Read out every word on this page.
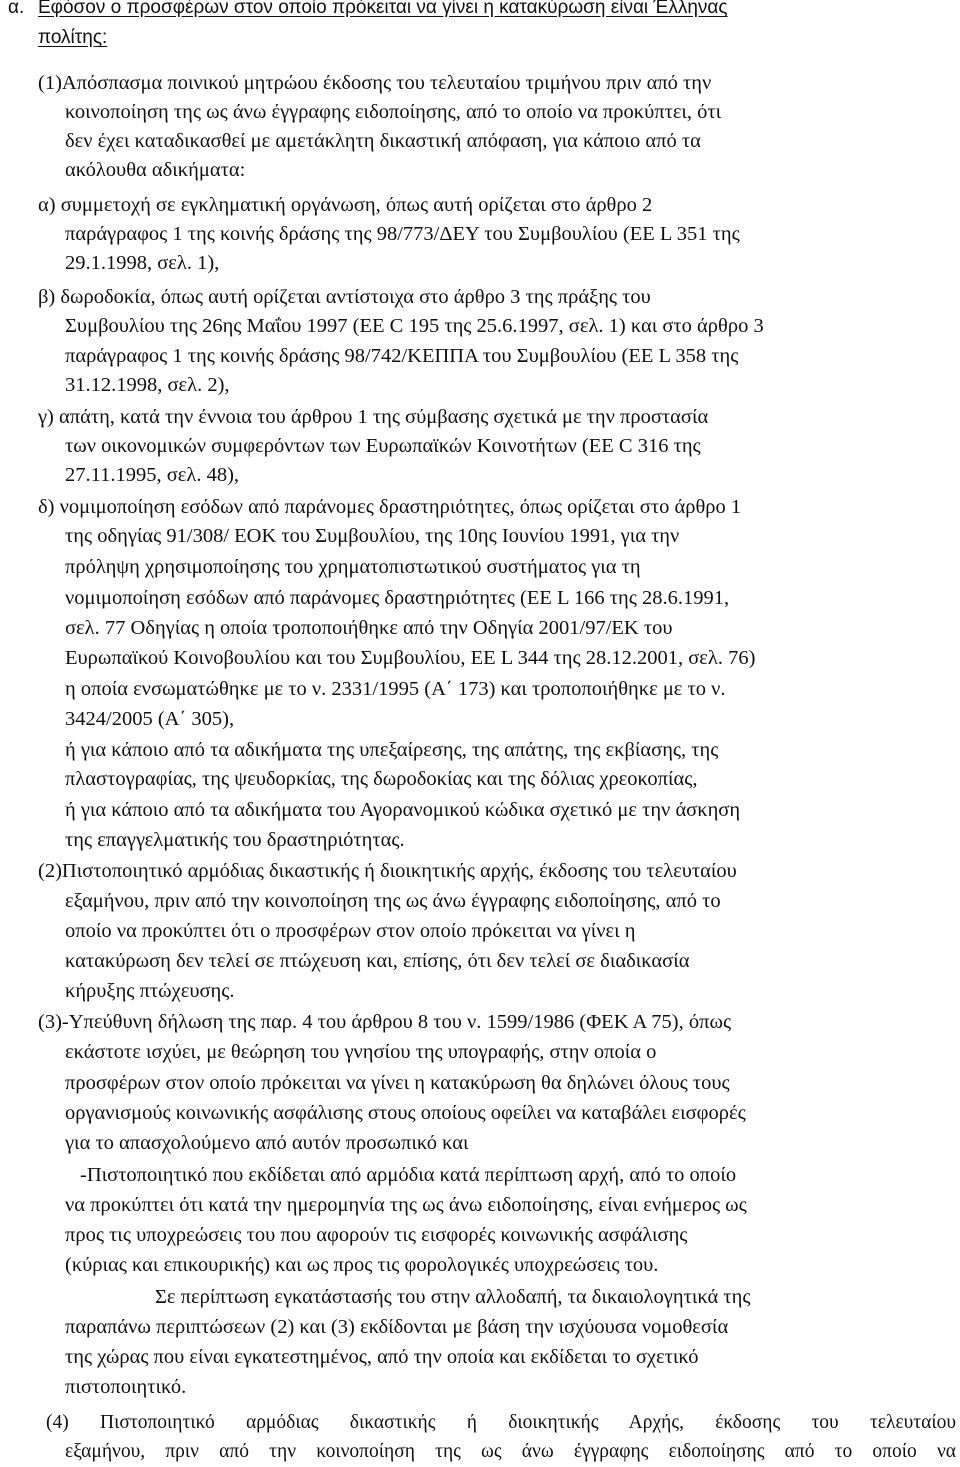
α. Εφόσον ο προσφέρων στον οποίο πρόκειται να γίνει η κατακύρωση είναι Έλληνας
πολίτης:
(1)Απόσπασμα ποινικού μητρώου έκδοσης του τελευταίου τριμήνου πριν από την
κοινοποίηση της ως άνω έγγραφης ειδοποίησης, από το οποίο να προκύπτει, ότι
δεν έχει καταδικασθεί με αμετάκλητη δικαστική απόφαση, για κάποιο από τα
ακόλουθα αδικήματα:
α) συμμετοχή σε εγκληματική οργάνωση, όπως αυτή ορίζεται στο άρθρο 2
παράγραφος 1 της κοινής δράσης της 98/773/ΔΕΥ του Συμβουλίου (ΕΕ L 351 της
29.1.1998, σελ. 1),
β) δωροδοκία, όπως αυτή ορίζεται αντίστοιχα στο άρθρο 3 της πράξης του
Συμβουλίου της 26ης Μαΐου 1997 (ΕΕ C 195 της 25.6.1997, σελ. 1) και στο άρθρο 3
παράγραφος 1 της κοινής δράσης 98/742/ΚΕΠΠΑ του Συμβουλίου (ΕΕ L 358 της
31.12.1998, σελ. 2),
γ) απάτη, κατά την έννοια του άρθρου 1 της σύμβασης σχετικά με την προστασία
των οικονομικών συμφερόντων των Ευρωπαϊκών Κοινοτήτων (ΕΕ C 316 της
27.11.1995, σελ. 48),
δ) νομιμοποίηση εσόδων από παράνομες δραστηριότητες, όπως ορίζεται στο άρθρο 1
της οδηγίας 91/308/ ΕΟΚ του Συμβουλίου, της 10ης Ιουνίου 1991, για την
πρόληψη χρησιμοποίησης του χρηματοπιστωτικού συστήματος για τη
νομιμοποίηση εσόδων από παράνομες δραστηριότητες (ΕΕ L 166 της 28.6.1991,
σελ. 77 Οδηγίας η οποία τροποποιήθηκε από την Οδηγία 2001/97/ΕΚ του
Ευρωπαϊκού Κοινοβουλίου και του Συμβουλίου, ΕΕ L 344 της 28.12.2001, σελ. 76)
η οποία ενσωματώθηκε με το ν. 2331/1995 (Α΄ 173) και τροποποιήθηκε με το ν.
3424/2005 (Α΄ 305),
ή για κάποιο από τα αδικήματα της υπεξαίρεσης, της απάτης, της εκβίασης, της
πλαστογραφίας, της ψευδορκίας, της δωροδοκίας και της δόλιας χρεοκοπίας,
ή για κάποιο από τα αδικήματα του Αγορανομικού κώδικα σχετικό με την άσκηση
της επαγγελματικής του δραστηριότητας.
(2)Πιστοποιητικό αρμόδιας δικαστικής ή διοικητικής αρχής, έκδοσης του τελευταίου
εξαμήνου, πριν από την κοινοποίηση της ως άνω έγγραφης ειδοποίησης, από το
οποίο να προκύπτει ότι ο προσφέρων στον οποίο πρόκειται να γίνει η
κατακύρωση δεν τελεί σε πτώχευση και, επίσης, ότι δεν τελεί σε διαδικασία
κήρυξης πτώχευσης.
(3)-Υπεύθυνη δήλωση της παρ. 4 του άρθρου 8 του ν. 1599/1986 (ΦΕΚ Α 75), όπως
εκάστοτε ισχύει, με θεώρηση του γνησίου της υπογραφής, στην οποία ο
προσφέρων στον οποίο πρόκειται να γίνει η κατακύρωση θα δηλώνει όλους τους
οργανισμούς κοινωνικής ασφάλισης στους οποίους οφείλει να καταβάλει εισφορές
για το απασχολούμενο από αυτόν προσωπικό και
-Πιστοποιητικό που εκδίδεται από αρμόδια κατά περίπτωση αρχή, από το οποίο
να προκύπτει ότι κατά την ημερομηνία της ως άνω ειδοποίησης, είναι ενήμερος ως
προς τις υποχρεώσεις του που αφορούν τις εισφορές κοινωνικής ασφάλισης
(κύριας και επικουρικής) και ως προς τις φορολογικές υποχρεώσεις του.
Σε περίπτωση εγκατάστασής του στην αλλοδαπή, τα δικαιολογητικά της
παραπάνω περιπτώσεων (2) και (3) εκδίδονται με βάση την ισχύουσα νομοθεσία
της χώρας που είναι εγκατεστημένος, από την οποία και εκδίδεται το σχετικό
πιστοποιητικό.
(4) Πιστοποιητικό αρμόδιας δικαστικής ή διοικητικής Αρχής, έκδοσης του τελευταίου
εξαμήνου, πριν από την κοινοποίηση της ως άνω έγγραφης ειδοποίησης από το οποίο να
